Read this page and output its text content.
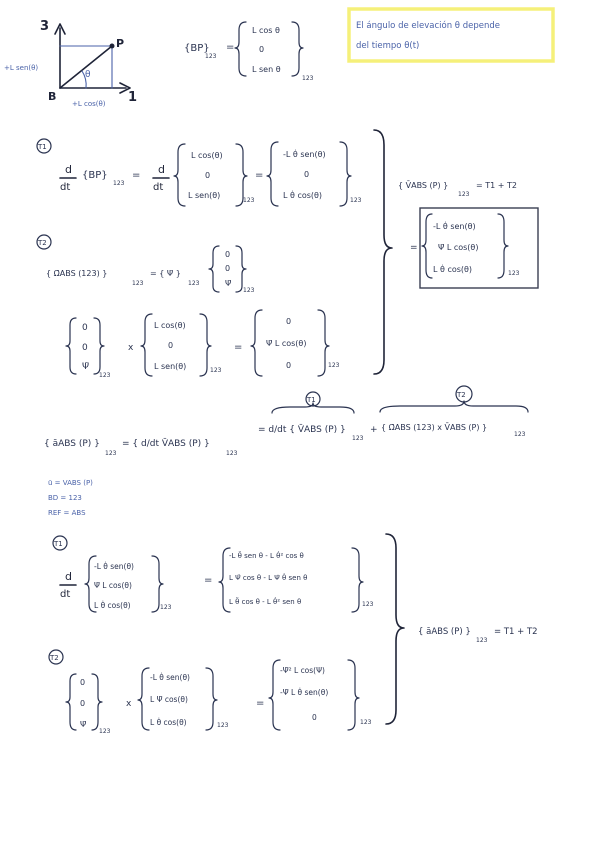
3
1
B
P
θ
+L sen(θ)
+L cos(θ)
{BP}
123
=
L cos θ
0
L sen θ
123
El ángulo de elevación θ depende
del tiempo θ(t)
T1
d
dt
{BP}
123
= d
dt
L cos(θ)
0
L sen(θ)
123
=
-L θ̇ sen(θ)
0
L θ̇ cos(θ)
123
T2
{ Ω̄ABS (123) }
123
= { Ψ̇ }
123
0
0
Ψ̇
123
0
0
Ψ̇
123
x
L cos(θ)
0
L sen(θ)	123
=
0
Ψ̇ L cos(θ)
0	123
{ V̄ABS (P) }
123
= T1 + T2
=
-L θ̇ sen(θ)
Ψ̇ L cos(θ)
L θ̇ cos(θ)	123
{ āABS (P) }
123
= { d/dt V̄ABS (P) }
123
T1
= d/dt { V̄ABS (P) }
123
+
T2
{ Ω̄ABS (123) x V̄ABS (P) }
123
ū = VABS (P)
BD = 123
REF = ABS
T1
d
dt
-L θ̇ sen(θ)
Ψ̇ L cos(θ)
L θ̇ cos(θ)	123
=
-L θ̈ sen θ - L θ̇² cos θ
L Ψ̈ cos θ - L Ψ̇ θ̇ sen θ
L θ̈ cos θ - L θ̇² sen θ	123
T2
0
0
Ψ̇
123
x
-L θ̇ sen(θ)
L Ψ̇ cos(θ)
L θ̇ cos(θ)	123
=
-Ψ̇² L cos(Ψ)
-Ψ̇ L θ̇ sen(θ)
0
123
{ āABS (P) }
123
= T1 + T2
